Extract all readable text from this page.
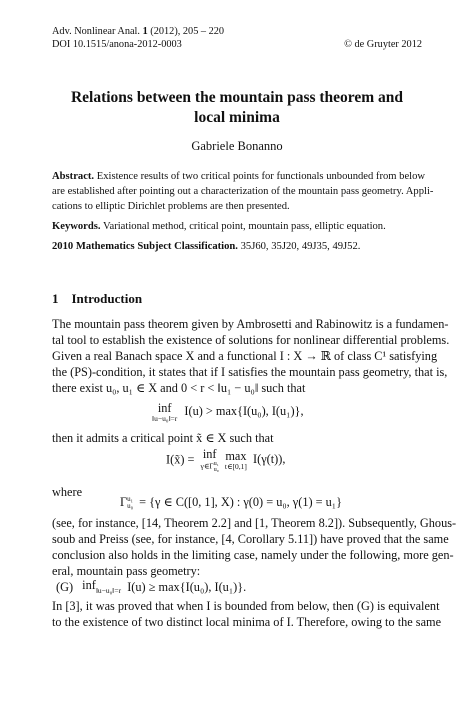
Adv. Nonlinear Anal. 1 (2012), 205 – 220
DOI 10.1515/anona-2012-0003	© de Gruyter 2012
Relations between the mountain pass theorem and
local minima
Gabriele Bonanno
Abstract. Existence results of two critical points for functionals unbounded from below
are established after pointing out a characterization of the mountain pass geometry. Appli-
cations to elliptic Dirichlet problems are then presented.
Keywords. Variational method, critical point, mountain pass, elliptic equation.
2010 Mathematics Subject Classification. 35J60, 35J20, 49J35, 49J52.
1 Introduction
The mountain pass theorem given by Ambrosetti and Rabinowitz is a fundamen-
tal tool to establish the existence of solutions for nonlinear differential problems.
Given a real Banach space X and a functional I : X → ℝ of class C¹ satisfying
the (PS)-condition, it states that if I satisfies the mountain pass geometry, that is,
there exist u₀, u₁ ∈ X and 0 < r < ‖u₁ − u₀‖ such that
inf
‖u−u₀‖=r
I(u) > max{I(u₀), I(u₁)},
then it admits a critical point x̃ ∈ X such that
I(x̃) = inf
γ∈Γ u₁
u₀

max
t∈[0,1]
I(γ(t)),
where
Γ u₁
u₀ = {γ ∈ C([0, 1], X) : γ(0) = u₀, γ(1) = u₁}
(see, for instance, [14, Theorem 2.2] and [1, Theorem 8.2]). Subsequently, Ghous-
soub and Preiss (see, for instance, [4, Corollary 5.11]) have proved that the same
conclusion also holds in the limiting case, namely under the following, more gen-
eral, mountain pass geometry:
(G) inf$_{‖u-u_0‖=r}$ I(u) ≥ max{I(u₀), I(u₁)}.
In [3], it was proved that when I is bounded from below, then (G) is equivalent
to the existence of two distinct local minima of I. Therefore, owing to the same
